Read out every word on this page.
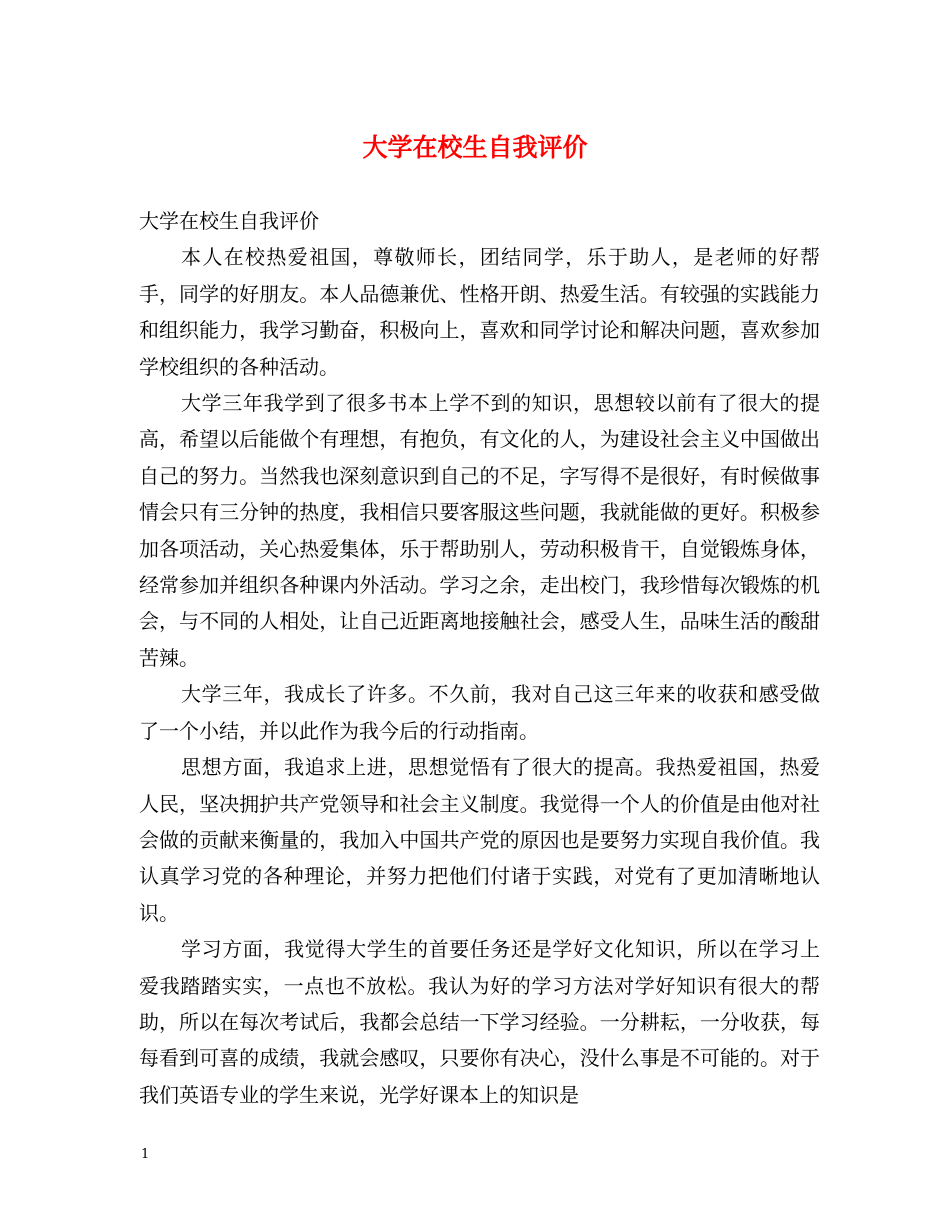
大学在校生自我评价

大学在校生自我评价

本人在校热爱祖国，尊敬师长，团结同学，乐于助人，是老师的好帮手，同学的好朋友。本人品德兼优、性格开朗、热爱生活。有较强的实践能力和组织能力，我学习勤奋，积极向上，喜欢和同学讨论和解决问题，喜欢参加学校组织的各种活动。

大学三年我学到了很多书本上学不到的知识，思想较以前有了很大的提高，希望以后能做个有理想，有抱负，有文化的人，为建设社会主义中国做出自己的努力。当然我也深刻意识到自己的不足，字写得不是很好，有时候做事情会只有三分钟的热度，我相信只要客服这些问题，我就能做的更好。积极参加各项活动，关心热爱集体，乐于帮助别人，劳动积极肯干，自觉锻炼身体，经常参加并组织各种课内外活动。学习之余，走出校门，我珍惜每次锻炼的机会，与不同的人相处，让自己近距离地接触社会，感受人生，品味生活的酸甜苦辣。

大学三年，我成长了许多。不久前，我对自己这三年来的收获和感受做了一个小结，并以此作为我今后的行动指南。

思想方面，我追求上进，思想觉悟有了很大的提高。我热爱祖国，热爱人民，坚决拥护共产党领导和社会主义制度。我觉得一个人的价值是由他对社会做的贡献来衡量的，我加入中国共产党的原因也是要努力实现自我价值。我认真学习党的各种理论，并努力把他们付诸于实践，对党有了更加清晰地认识。

学习方面，我觉得大学生的首要任务还是学好文化知识，所以在学习上爱我踏踏实实，一点也不放松。我认为好的学习方法对学好知识有很大的帮助，所以在每次考试后，我都会总结一下学习经验。一分耕耘，一分收获，每每看到可喜的成绩，我就会感叹，只要你有决心，没什么事是不可能的。对于我们英语专业的学生来说，光学好课本上的知识是

1
